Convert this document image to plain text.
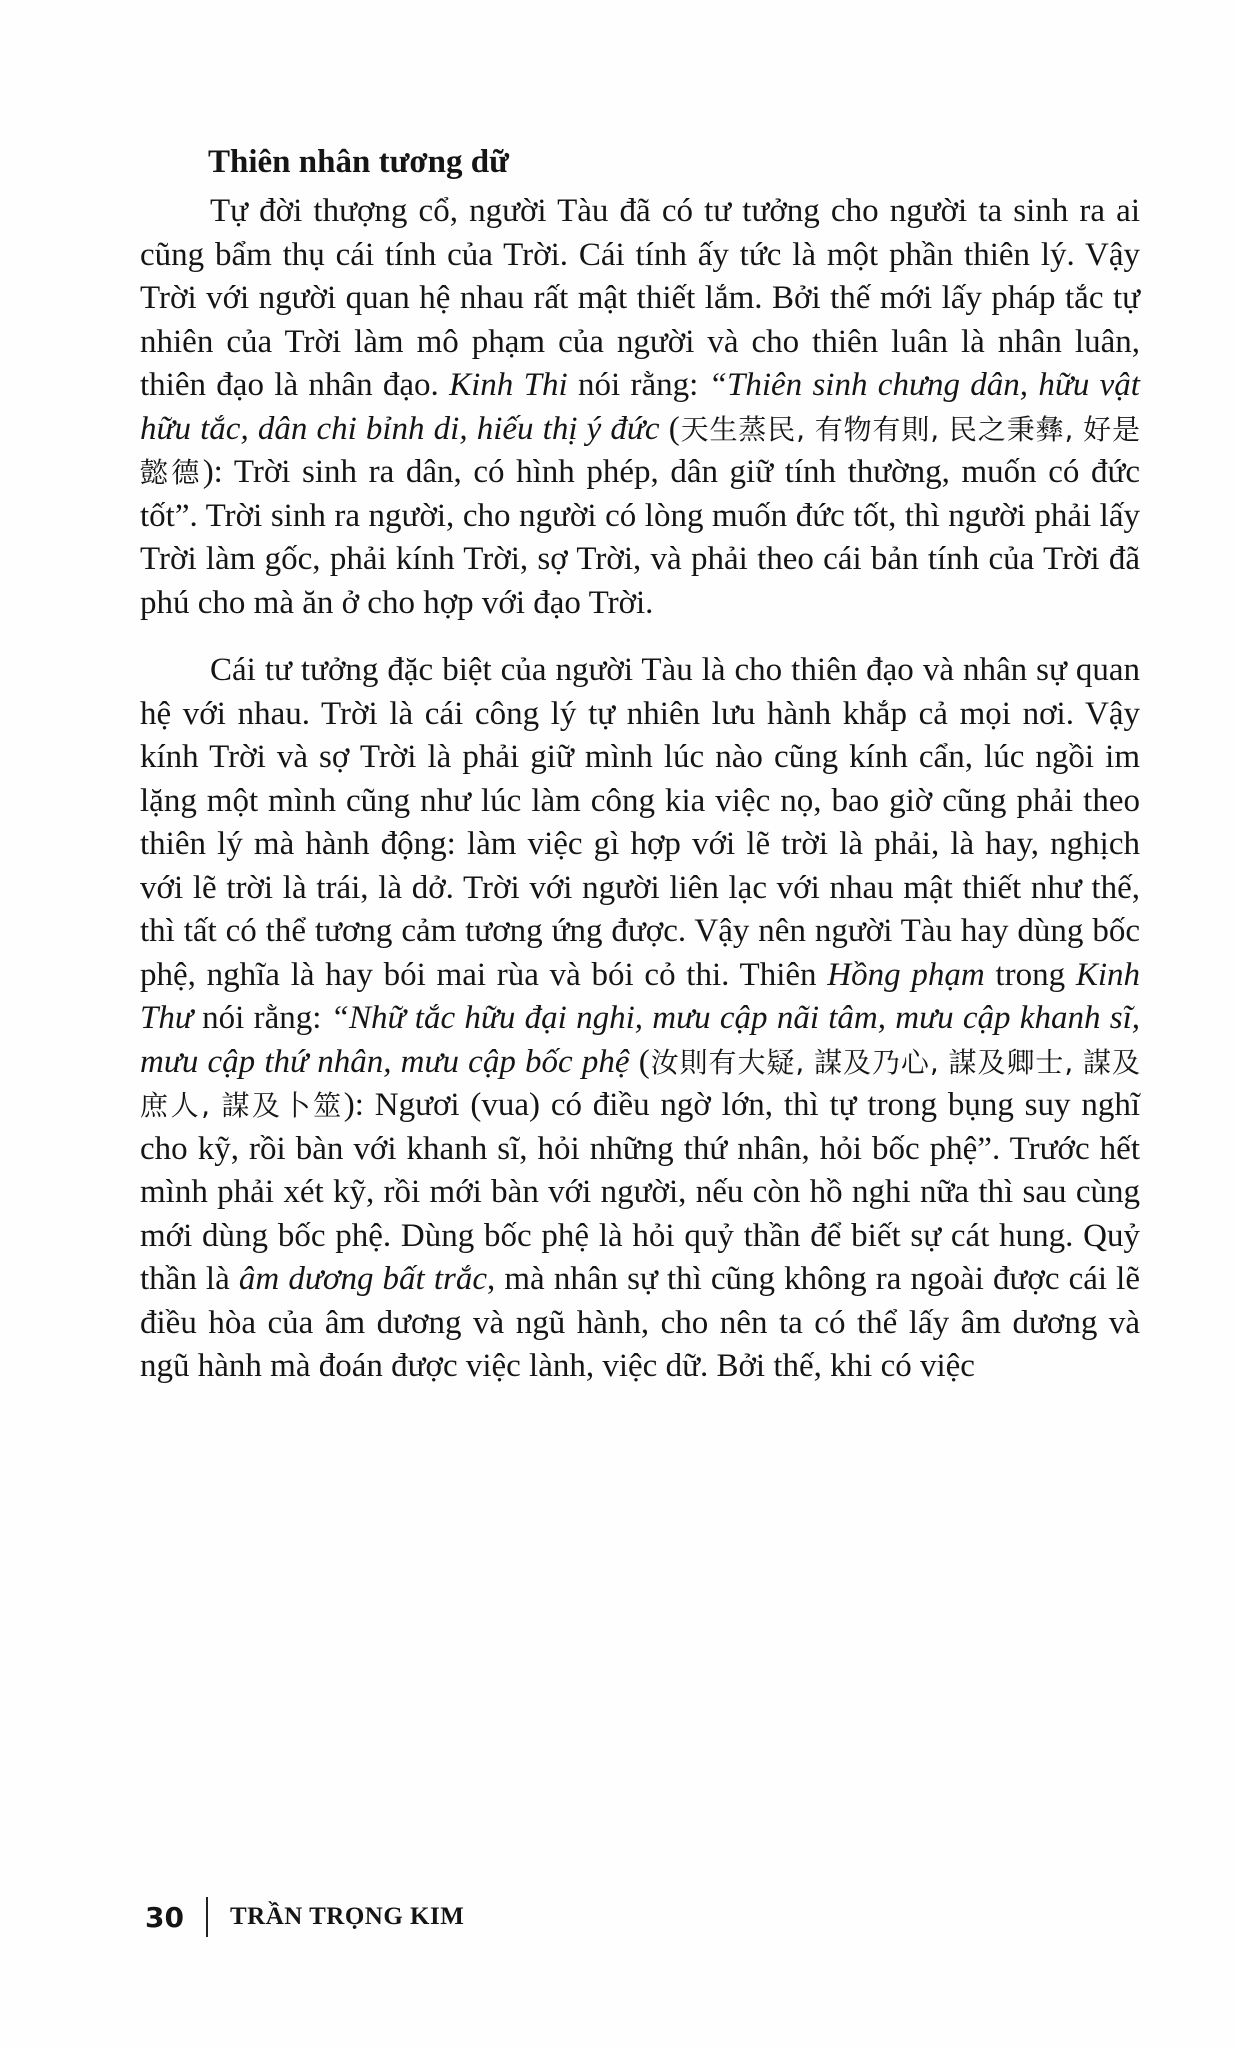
Thiên nhân tương dữ

Tự đời thượng cổ, người Tàu đã có tư tưởng cho người ta sinh ra ai cũng bẩm thụ cái tính của Trời. Cái tính ấy tức là một phần thiên lý. Vậy Trời với người quan hệ nhau rất mật thiết lắm. Bởi thế mới lấy pháp tắc tự nhiên của Trời làm mô phạm của người và cho thiên luân là nhân luân, thiên đạo là nhân đạo. Kinh Thi nói rằng: “Thiên sinh chưng dân, hữu vật hữu tắc, dân chi bỉnh di, hiếu thị ý đức (天生蒸民, 有物有則, 民之秉彝, 好是懿德): Trời sinh ra dân, có hình phép, dân giữ tính thường, muốn có đức tốt”. Trời sinh ra người, cho người có lòng muốn đức tốt, thì người phải lấy Trời làm gốc, phải kính Trời, sợ Trời, và phải theo cái bản tính của Trời đã phú cho mà ăn ở cho hợp với đạo Trời.

Cái tư tưởng đặc biệt của người Tàu là cho thiên đạo và nhân sự quan hệ với nhau. Trời là cái công lý tự nhiên lưu hành khắp cả mọi nơi. Vậy kính Trời và sợ Trời là phải giữ mình lúc nào cũng kính cẩn, lúc ngồi im lặng một mình cũng như lúc làm công kia việc nọ, bao giờ cũng phải theo thiên lý mà hành động: làm việc gì hợp với lẽ trời là phải, là hay, nghịch với lẽ trời là trái, là dở. Trời với người liên lạc với nhau mật thiết như thế, thì tất có thể tương cảm tương ứng được. Vậy nên người Tàu hay dùng bốc phệ, nghĩa là hay bói mai rùa và bói cỏ thi. Thiên Hồng phạm trong Kinh Thư nói rằng: “Nhữ tắc hữu đại nghi, mưu cập nãi tâm, mưu cập khanh sĩ, mưu cập thứ nhân, mưu cập bốc phệ (汝則有大疑, 謀及乃心, 謀及卿士, 謀及庶人, 謀及卜筮): Ngươi (vua) có điều ngờ lớn, thì tự trong bụng suy nghĩ cho kỹ, rồi bàn với khanh sĩ, hỏi những thứ nhân, hỏi bốc phệ”. Trước hết mình phải xét kỹ, rồi mới bàn với người, nếu còn hồ nghi nữa thì sau cùng mới dùng bốc phệ. Dùng bốc phệ là hỏi quỷ thần để biết sự cát hung. Quỷ thần là âm dương bất trắc, mà nhân sự thì cũng không ra ngoài được cái lẽ điều hòa của âm dương và ngũ hành, cho nên ta có thể lấy âm dương và ngũ hành mà đoán được việc lành, việc dữ. Bởi thế, khi có việc

30 TRẦN TRỌNG KIM
